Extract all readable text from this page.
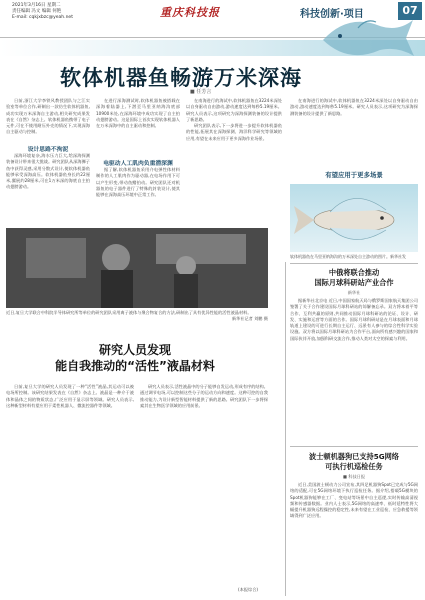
2021年3月16日 星期二
责任编辑 冯文 编辑 何艳
E-mail: cqkjxbzc@yeah.net	重庆科技报	科技创新·项目	07
软体机器鱼畅游万米深海
■ 任芳言

日前,浙江大学李铁风教授团队与之江实验室等单位合作,研制出一款仿生软体机器鱼,成功实现万米深海自主游动,相关研究成果发表在《自然》杂志上。软体机器鱼携带了电子元件,可在不使用耐压外壳的情况下,实现深海自主驱动与控制。

设计思路不拘泥

深海环境复杂,海水压力巨大,给深海探测装备设计带来很大挑战。研究团队从深海狮子鱼中获得灵感,采用分散式设计,使软体机器鱼能够承受深海高压。软体机器鱼身长约22厘米,翼展约28厘米,可在1万米深的海底自主拍动翅膀游动。

在进行深海测试时,软体机器鱼被搭载在深海着陆器上,下潜至马里亚纳海沟底部10900米处,在深海环境中成功实现了自主拍动翅膀游动。这是国际上首次实现软体机器人在万米深海中的自主驱动和控制。

电驱动人工肌肉负重潜深渊

据了解,软体机器鱼采用介电弹性体材料制作的人工肌肉作为驱动器,在电场作用下可以产生形变,带动鱼鳍拍动。研究团队还对机器鱼的电子器件进行了特殊的封装设计,使其能够在深海高压环境中正常工作。

在南海进行的海试中,软体机器鱼在3224米深处以自身驱动自由游动,游动速度达到每秒5.19厘米。研究人员表示,这项研究为深海探测装备的设计提供了新思路。

研究团队表示,下一步将进一步提升软体机器鱼的性能,拓展其在深海探测、海洋科学研究等领域的应用,有望在未来应用于更多深海作业场景。

在南海进行的海试中,软体机器鱼在3224米深处以自身驱动自由游动,游动速度达到每秒5.19厘米。研究人员表示,这项研究为深海探测装备的设计提供了新思路。

有望应用于更多场景
软体机器鱼在马里亚纳海沟的万米深处自主游动的图片。新华社发
近日,复旦大学联合中科院半导体研究所等单位的研究团队采用离子液体与聚合物复合的方法,研制出了具有优异性能的活性液晶材料。
新华社记者 刘鹏 摄
研究人员发现
能自我推动的“活性”液晶材料

日前,复旦大学的研究人员发现了一种“活性”液晶,其运动可以被电场所控制。该研究结果发表在《自然》杂志上。液晶是一种介于液体和晶体之间的物质状态,广泛应用于显示屏等领域。研究人员表示,这种新型材料有望应用于柔性机器人、微流控器件等领域。

研究人员表示,活性液晶中的分子能够自发运动,形成有序的结构。通过调节电场,可以控制这些分子的运动方向和速度。这种可控的自我推动能力,为设计新型智能材料提供了新的思路。研究团队下一步将探索其在生物医学领域的应用前景。

(本报综合)
中俄将联合推动
国际月球科研站产业合作
新华社

据新华社北京电 近日,中国国家航天局与俄罗斯国家航天集团公司签署了关于合作建设国际月球科研站的谅解备忘录。双方将本着平等合作、互利共赢的原则,共同推动国际月球科研站的论证、设计、研发、实施和运营等方面的合作。国际月球科研站是在月球表面和月球轨道上建设的可进行长期自主运行、远景有人参与的综合性科学实验设施。双方将以国际月球科研站为合作平台,面向所有感兴趣的国家和国际伙伴开放,加强科研交流合作,推动人类对太空的探索与利用。

波士顿机器狗已支持5G网络
可执行机巡检任务
■ 科技日报

近日,美国波士顿动力公司宣布,其四足机器狗Spot已完成与5G网络的适配,可在5G网络环境下执行巡检任务。据介绍,搭载5G模块的Spot机器狗能够在工厂、变电站等场景中自主巡逻,实时传输高清视频和传感器数据。业内人士表示,5G网络的高速率、低时延特性将大幅提升机器狗远程操控的稳定性,未来有望在工业巡检、应急救援等领域得到广泛应用。
